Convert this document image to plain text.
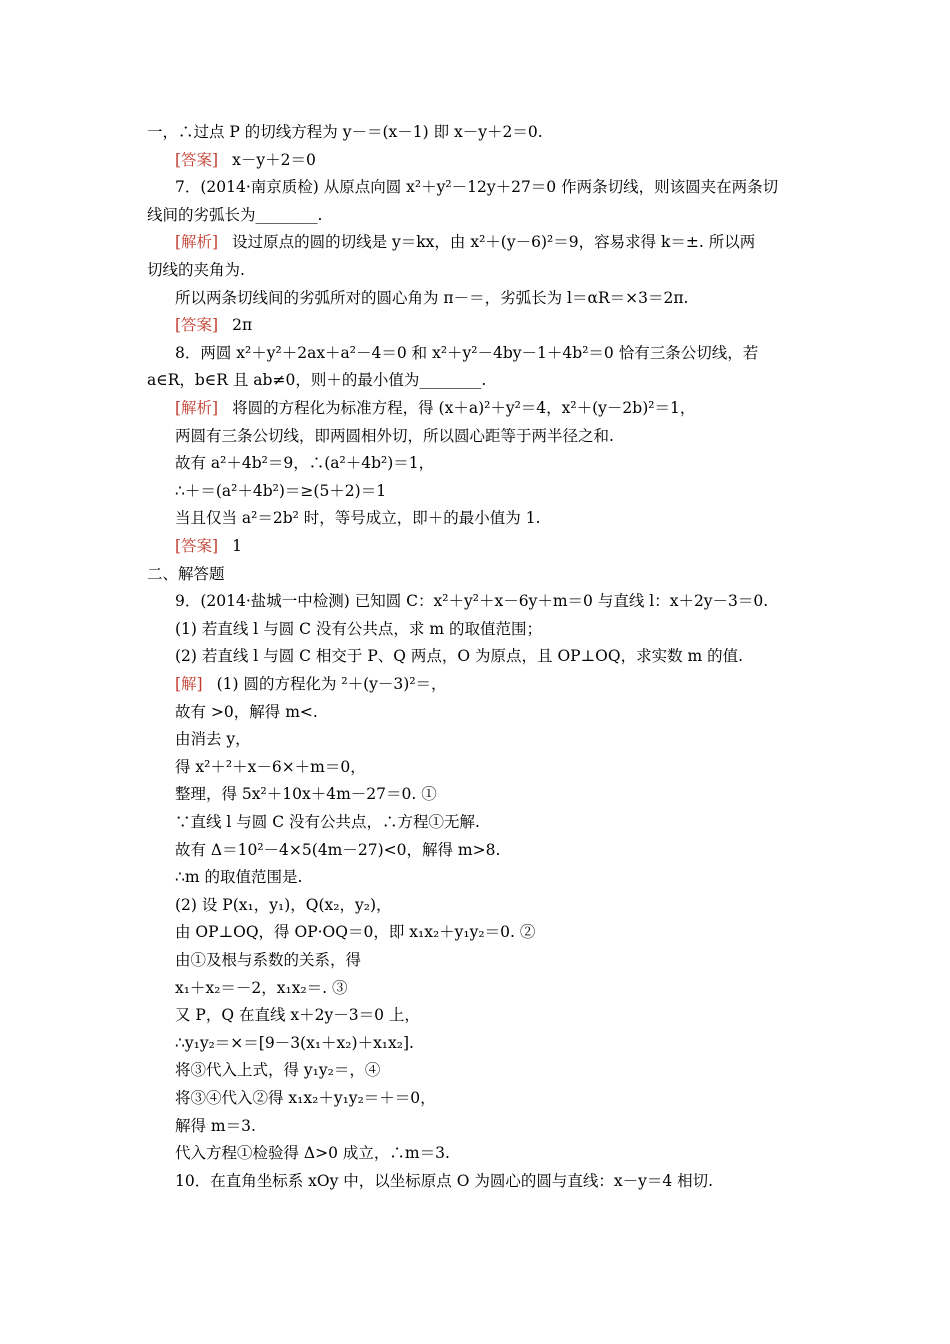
一，∴过点 P 的切线方程为 y－＝(x－1) 即 x－y＋2＝0.
[答案] x－y＋2＝0
7．(2014·南京质检) 从原点向圆 x²＋y²－12y＋27＝0 作两条切线，则该圆夹在两条切
线间的劣弧长为________.
[解析] 设过原点的圆的切线是 y＝kx，由 x²＋(y－6)²＝9，容易求得 k＝±. 所以两
切线的夹角为.
所以两条切线间的劣弧所对的圆心角为 π－＝，劣弧长为 l＝αR＝×3＝2π.
[答案] 2π
8．两圆 x²＋y²＋2ax＋a²－4＝0 和 x²＋y²－4by－1＋4b²＝0 恰有三条公切线，若
a∈R，b∈R 且 ab≠0，则＋的最小值为________.
[解析] 将圆的方程化为标准方程，得 (x＋a)²＋y²＝4，x²＋(y－2b)²＝1，
两圆有三条公切线，即两圆相外切，所以圆心距等于两半径之和.
故有 a²＋4b²＝9，∴(a²＋4b²)＝1，
∴＋＝(a²＋4b²)＝≥(5＋2)＝1
当且仅当 a²＝2b² 时，等号成立，即＋的最小值为 1.
[答案] 1
二、解答题
9．(2014·盐城一中检测) 已知圆 C：x²＋y²＋x－6y＋m＝0 与直线 l：x＋2y－3＝0.
(1) 若直线 l 与圆 C 没有公共点，求 m 的取值范围；
(2) 若直线 l 与圆 C 相交于 P、Q 两点，O 为原点，且 OP⊥OQ，求实数 m 的值.
[解] (1) 圆的方程化为 ²＋(y－3)²＝，
故有 >0，解得 m<.
由消去 y，
得 x²＋²＋x－6×＋m＝0，
整理，得 5x²＋10x＋4m－27＝0. ①
∵直线 l 与圆 C 没有公共点，∴方程①无解.
故有 Δ＝10²－4×5(4m－27)<0，解得 m>8.
∴m 的取值范围是.
(2) 设 P(x₁，y₁)，Q(x₂，y₂)，
由 OP⊥OQ，得 OP·OQ＝0，即 x₁x₂＋y₁y₂＝0. ②
由①及根与系数的关系，得
x₁＋x₂＝－2，x₁x₂＝. ③
又 P，Q 在直线 x＋2y－3＝0 上，
∴y₁y₂＝×＝[9－3(x₁＋x₂)＋x₁x₂].
将③代入上式，得 y₁y₂＝，④
将③④代入②得 x₁x₂＋y₁y₂＝＋＝0，
解得 m＝3.
代入方程①检验得 Δ>0 成立，∴m＝3.
10．在直角坐标系 xOy 中，以坐标原点 O 为圆心的圆与直线：x－y＝4 相切.
